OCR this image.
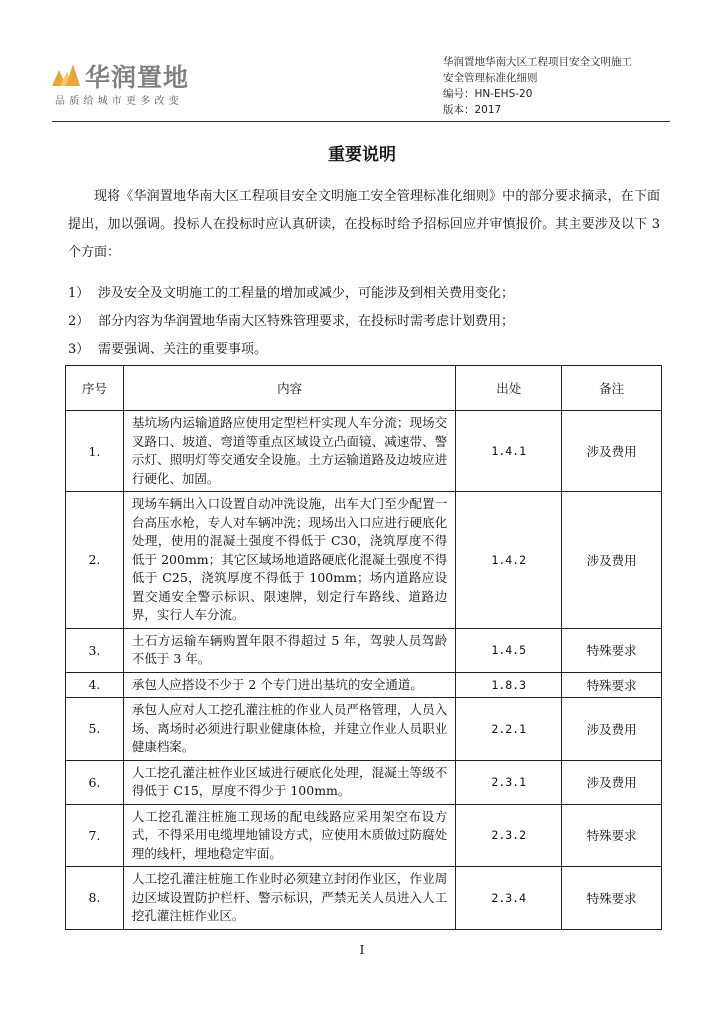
华润置地
品质给城市更多改变
华润置地华南大区工程项目安全文明施工
安全管理标准化细则
编号：HN-EHS-20
版本：2017
重要说明
现将《华润置地华南大区工程项目安全文明施工安全管理标准化细则》中的部分要求摘录，在下面提出，加以强调。投标人在投标时应认真研读，在投标时给予招标回应并审慎报价。其主要涉及以下 3 个方面：
1） 涉及安全及文明施工的工程量的增加或减少，可能涉及到相关费用变化；
2） 部分内容为华润置地华南大区特殊管理要求，在投标时需考虑计划费用；
3） 需要强调、关注的重要事项。
序号	内容	出处	备注
1.	基坑场内运输道路应使用定型栏杆实现人车分流；现场交叉路口、坡道、弯道等重点区域设立凸面镜、减速带、警示灯、照明灯等交通安全设施。土方运输道路及边坡应进行硬化、加固。	1.4.1	涉及费用
2.	现场车辆出入口设置自动冲洗设施，出车大门至少配置一台高压水枪，专人对车辆冲洗；现场出入口应进行硬底化处理，使用的混凝土强度不得低于 C30，浇筑厚度不得低于 200mm；其它区域场地道路硬底化混凝土强度不得低于 C25，浇筑厚度不得低于 100mm；场内道路应设置交通安全警示标识、限速牌，划定行车路线、道路边界，实行人车分流。	1.4.2	涉及费用
3.	土石方运输车辆购置年限不得超过 5 年，驾驶人员驾龄不低于 3 年。	1.4.5	特殊要求
4.	承包人应搭设不少于 2 个专门进出基坑的安全通道。	1.8.3	特殊要求
5.	承包人应对人工挖孔灌注桩的作业人员严格管理，人员入场、离场时必须进行职业健康体检，并建立作业人员职业健康档案。	2.2.1	涉及费用
6.	人工挖孔灌注桩作业区域进行硬底化处理，混凝土等级不得低于 C15，厚度不得少于 100mm。	2.3.1	涉及费用
7.	人工挖孔灌注桩施工现场的配电线路应采用架空布设方式，不得采用电缆埋地铺设方式，应使用木质做过防腐处理的线杆，埋地稳定牢面。	2.3.2	特殊要求
8.	人工挖孔灌注桩施工作业时必须建立封闭作业区，作业周边区域设置防护栏杆、警示标识，严禁无关人员进入人工挖孔灌注桩作业区。	2.3.4	特殊要求
I
